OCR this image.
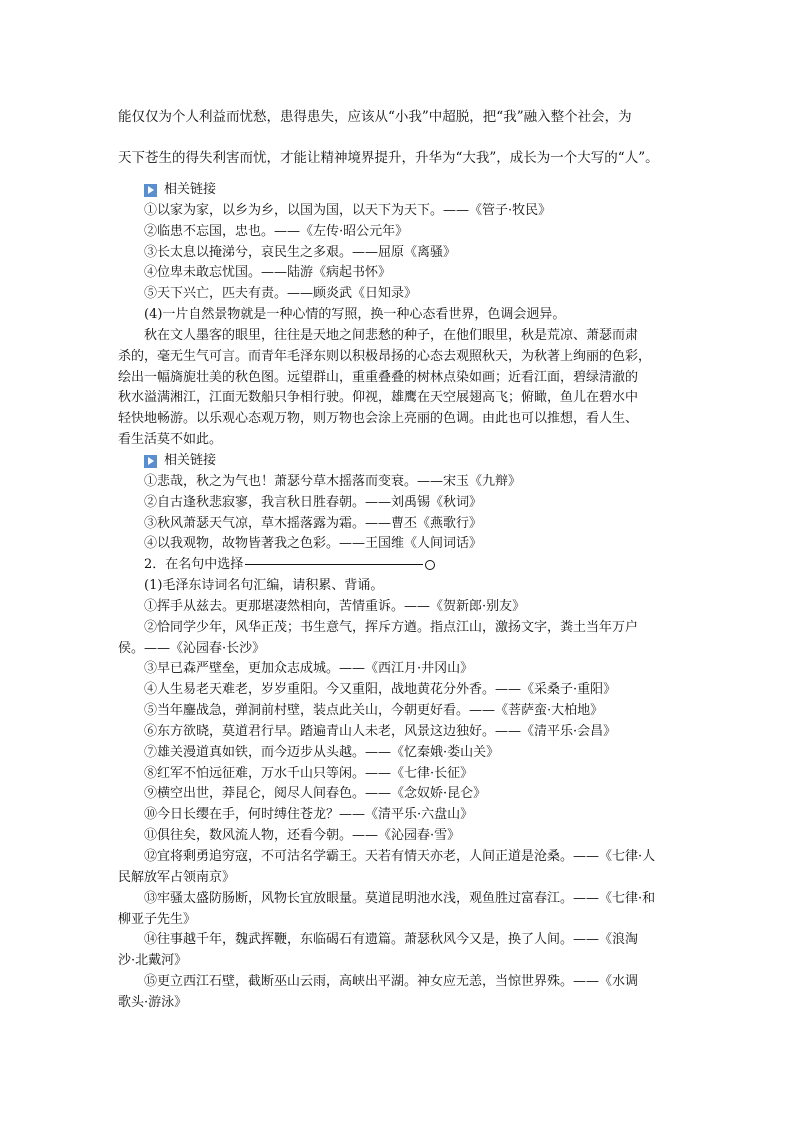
能仅仅为个人利益而忧愁，患得患失，应该从“小我”中超脱，把“我”融入整个社会，为
天下苍生的得失利害而忧，才能让精神境界提升，升华为“大我”，成长为一个大写的“人”。
相关链接
①以家为家，以乡为乡，以国为国，以天下为天下。——《管子·牧民》
②临患不忘国，忠也。——《左传·昭公元年》
③长太息以掩涕兮，哀民生之多艰。——屈原《离骚》
④位卑未敢忘忧国。——陆游《病起书怀》
⑤天下兴亡，匹夫有责。——顾炎武《日知录》
(4)一片自然景物就是一种心情的写照，换一种心态看世界，色调会迥异。
秋在文人墨客的眼里，往往是天地之间悲愁的种子，在他们眼里，秋是荒凉、萧瑟而肃
杀的，毫无生气可言。而青年毛泽东则以积极昂扬的心态去观照秋天，为秋著上绚丽的色彩，
绘出一幅旖旎壮美的秋色图。远望群山，重重叠叠的树林点染如画；近看江面，碧绿清澈的
秋水溢满湘江，江面无数船只争相行驶。仰视，雄鹰在天空展翅高飞；俯瞰，鱼儿在碧水中
轻快地畅游。以乐观心态观万物，则万物也会涂上亮丽的色调。由此也可以推想，看人生、
看生活莫不如此。
相关链接
①悲哉，秋之为气也！萧瑟兮草木摇落而变衰。——宋玉《九辩》
②自古逢秋悲寂寥，我言秋日胜春朝。——刘禹锡《秋词》
③秋风萧瑟天气凉，草木摇落露为霜。——曹丕《燕歌行》
④以我观物，故物皆著我之色彩。——王国维《人间词话》
2．在名句中选择
(1)毛泽东诗词名句汇编，请积累、背诵。
①挥手从兹去。更那堪凄然相向，苦情重诉。——《贺新郎·别友》
②恰同学少年，风华正茂；书生意气，挥斥方遒。指点江山，激扬文字，粪土当年万户
侯。——《沁园春·长沙》
③早已森严壁垒，更加众志成城。——《西江月·井冈山》
④人生易老天难老，岁岁重阳。今又重阳，战地黄花分外香。——《采桑子·重阳》
⑤当年鏖战急，弹洞前村壁，装点此关山，今朝更好看。——《菩萨蛮·大柏地》
⑥东方欲晓，莫道君行早。踏遍青山人未老，风景这边独好。——《清平乐·会昌》
⑦雄关漫道真如铁，而今迈步从头越。——《忆秦娥·娄山关》
⑧红军不怕远征难，万水千山只等闲。——《七律·长征》
⑨横空出世，莽昆仑，阅尽人间春色。——《念奴娇·昆仑》
⑩今日长缨在手，何时缚住苍龙？——《清平乐·六盘山》
⑪俱往矣，数风流人物，还看今朝。——《沁园春·雪》
⑫宜将剩勇追穷寇，不可沽名学霸王。天若有情天亦老，人间正道是沧桑。——《七律·人
民解放军占领南京》
⑬牢骚太盛防肠断，风物长宜放眼量。莫道昆明池水浅，观鱼胜过富春江。——《七律·和
柳亚子先生》
⑭往事越千年，魏武挥鞭，东临碣石有遗篇。萧瑟秋风今又是，换了人间。——《浪淘
沙·北戴河》
⑮更立西江石壁，截断巫山云雨，高峡出平湖。神女应无恙，当惊世界殊。——《水调
歌头·游泳》
